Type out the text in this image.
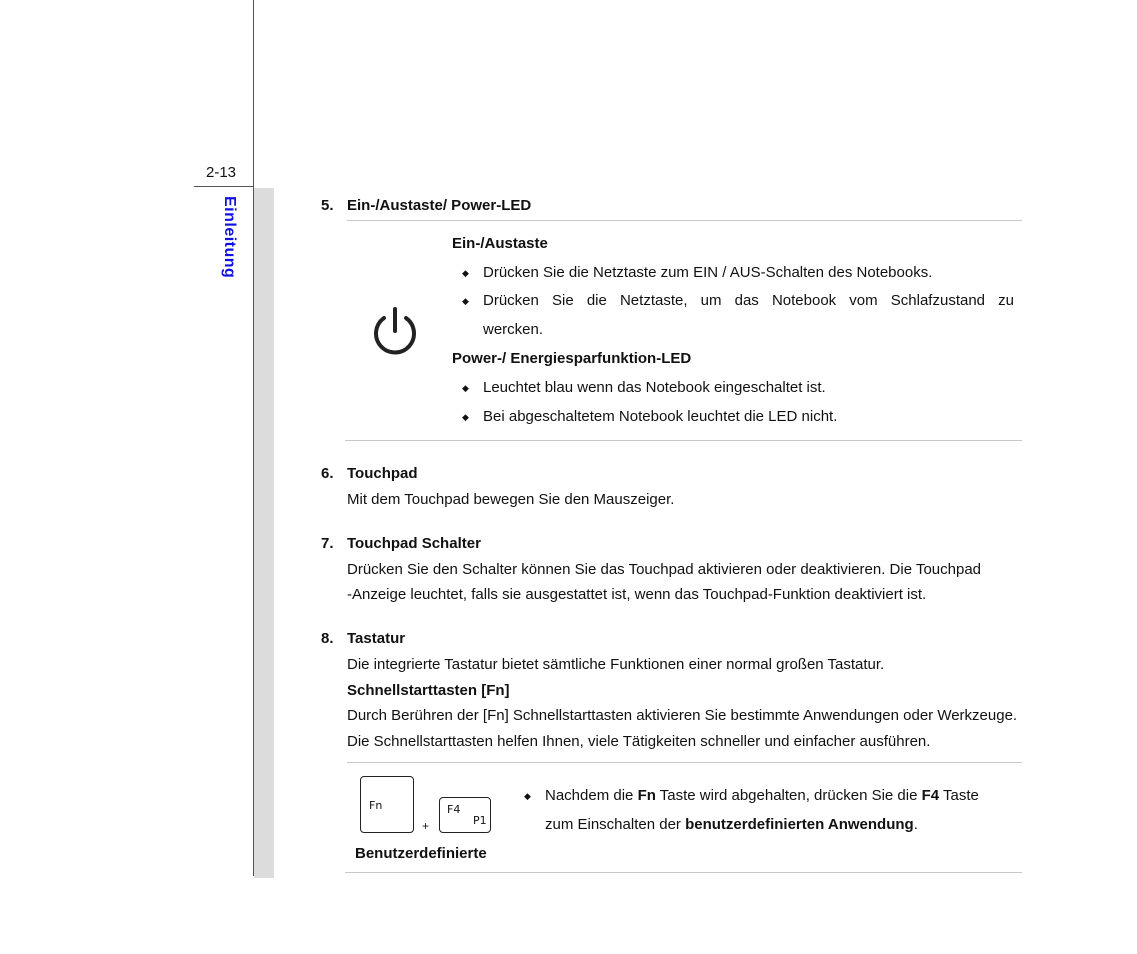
2-13
Einleitung	5. Ein-/Austaste/ Power-LED
Ein-/Austaste
◆ Drücken Sie die Netztaste zum EIN / AUS-Schalten des Notebooks.
◆ Drücken Sie die Netztaste, um das Notebook vom Schlafzustand zu
wercken.
Power-/ Energiesparfunktion-LED
◆ Leuchtet blau wenn das Notebook eingeschaltet ist.
◆ Bei abgeschaltetem Notebook leuchtet die LED nicht.
6. Touchpad
Mit dem Touchpad bewegen Sie den Mauszeiger.
7. Touchpad Schalter
Drücken Sie den Schalter können Sie das Touchpad aktivieren oder deaktivieren. Die Touchpad
-Anzeige leuchtet, falls sie ausgestattet ist, wenn das Touchpad-Funktion deaktiviert ist.
8. Tastatur
Die integrierte Tastatur bietet sämtliche Funktionen einer normal großen Tastatur.
Schnellstarttasten [Fn]
Durch Berühren der [Fn] Schnellstarttasten aktivieren Sie bestimmte Anwendungen oder Werkzeuge.
Die Schnellstarttasten helfen Ihnen, viele Tätigkeiten schneller und einfacher ausführen.
Fn
+
F4
P1
Benutzerdefinierte
◆ Nachdem die Fn Taste wird abgehalten, drücken Sie die F4 Taste
zum Einschalten der benutzerdefinierten Anwendung.
